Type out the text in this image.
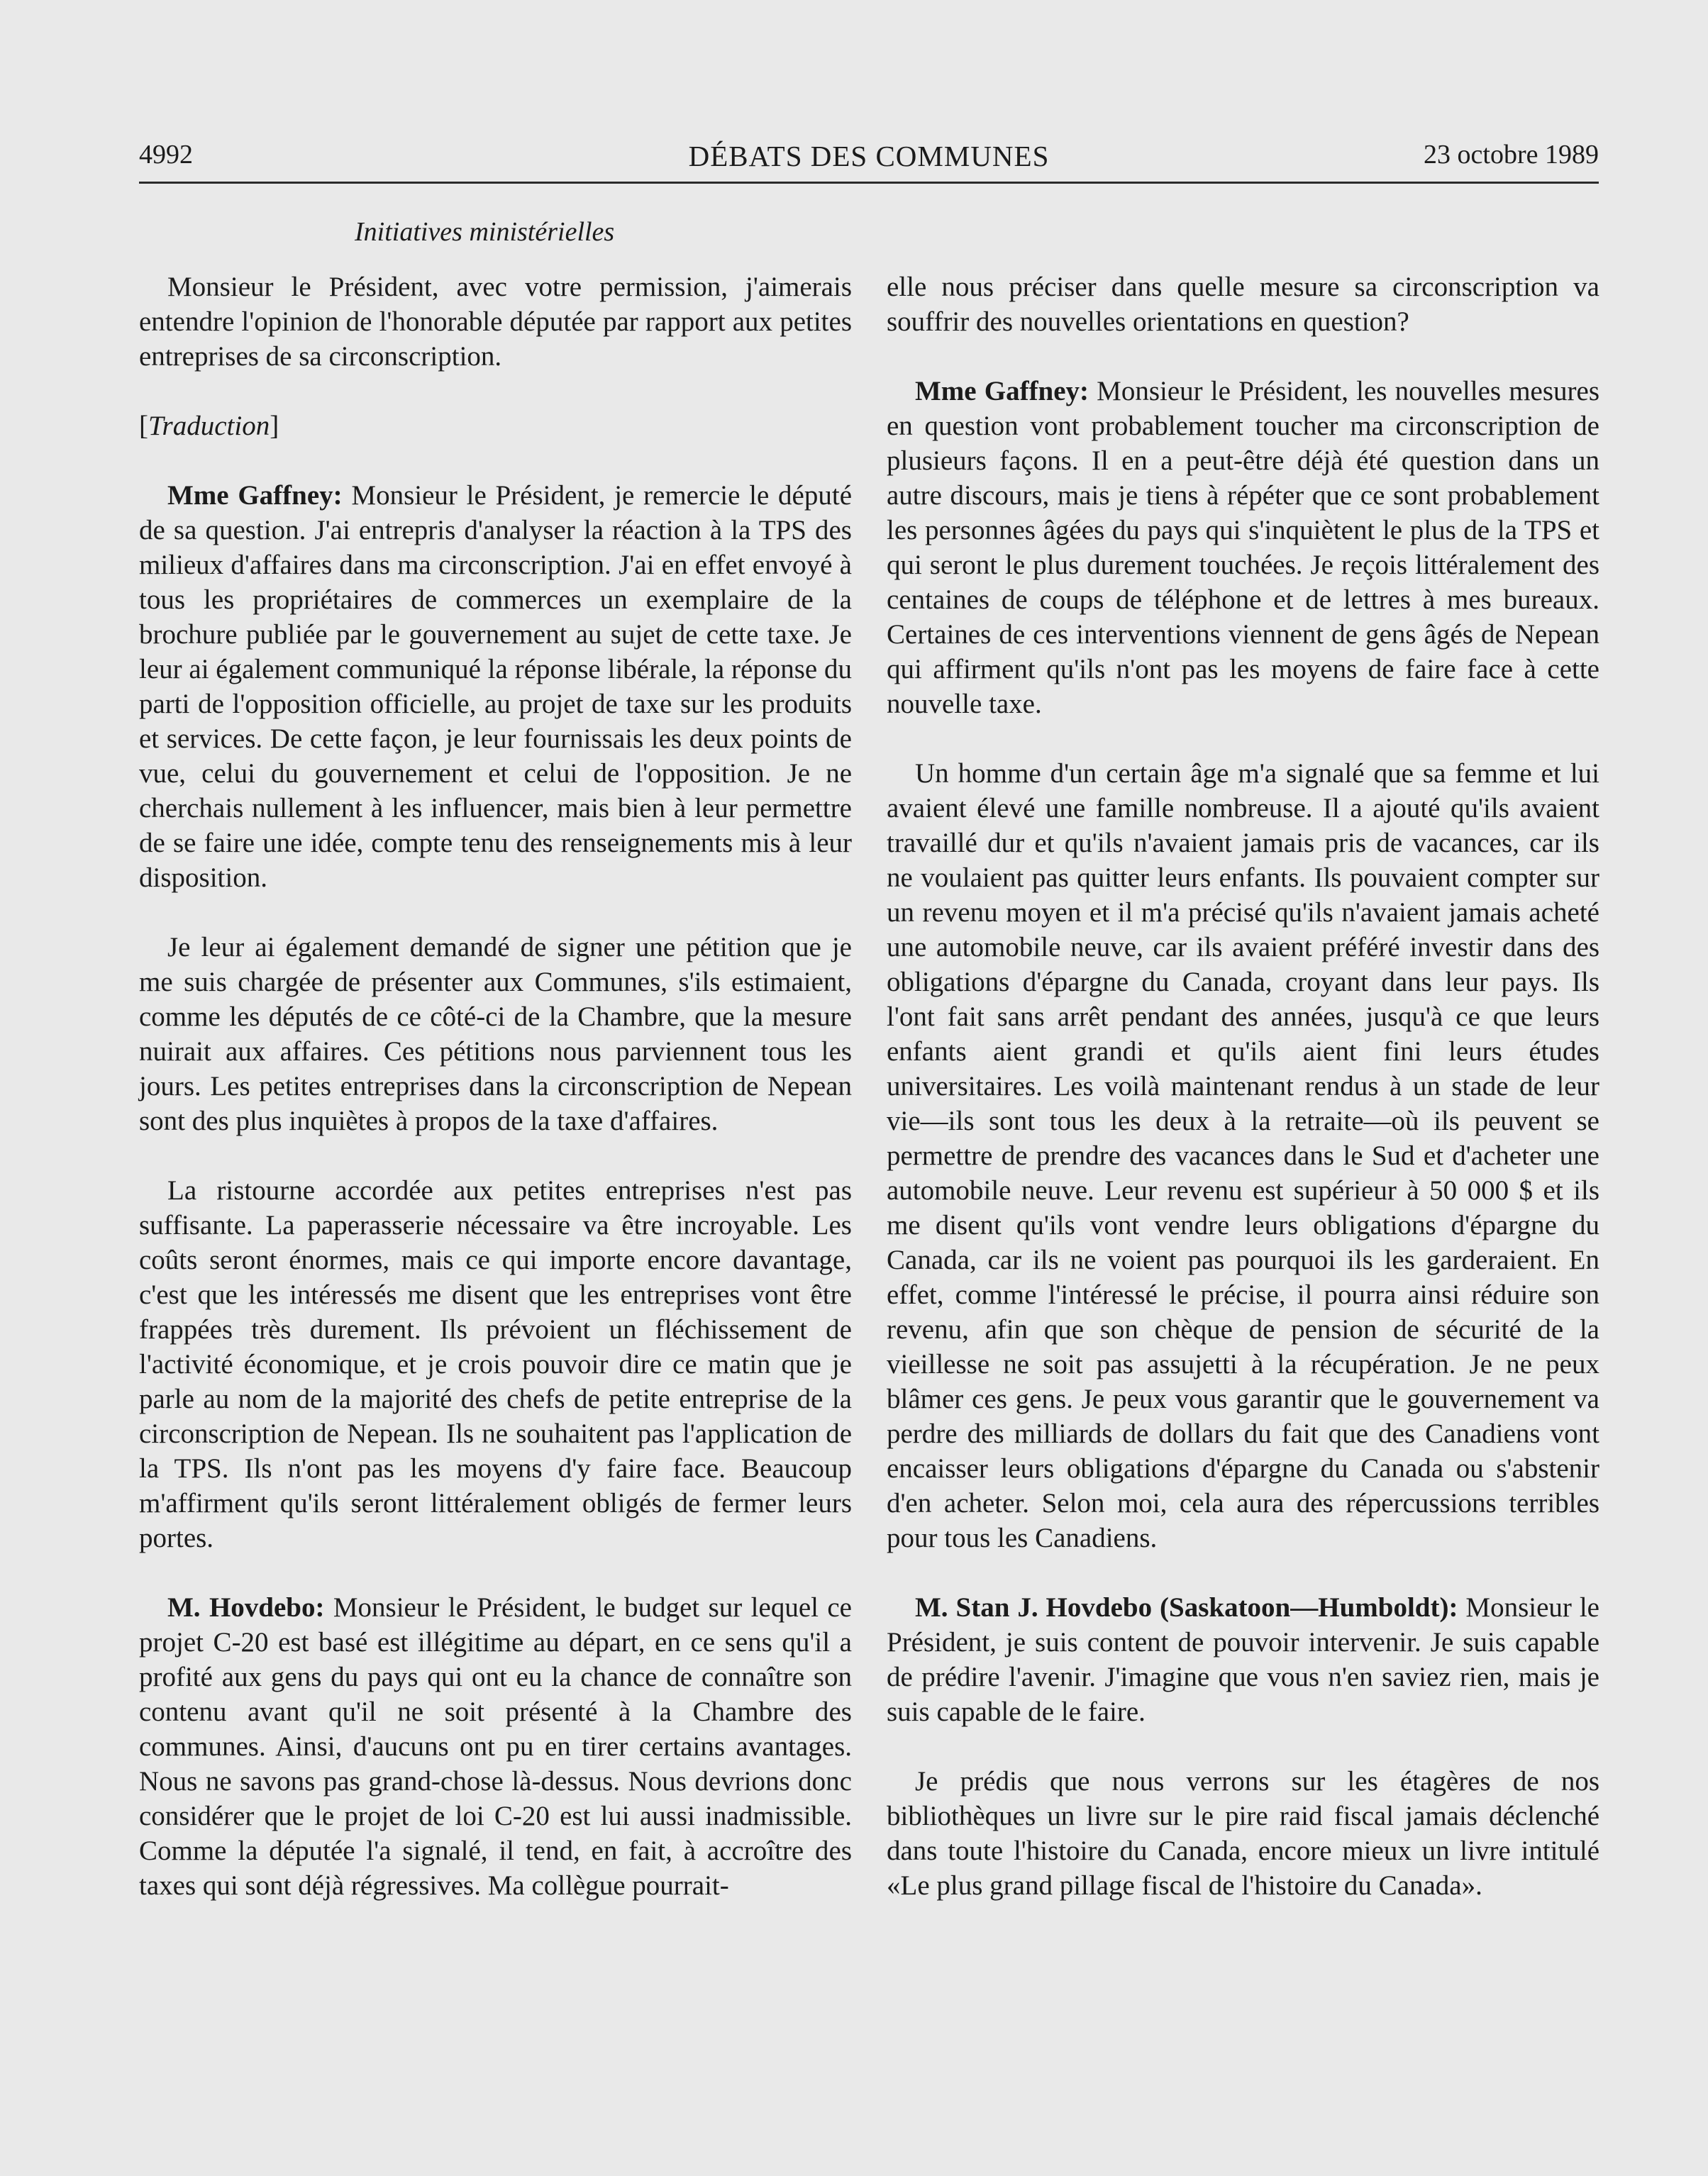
4992	DÉBATS DES COMMUNES	23 octobre 1989
Initiatives ministérielles

Monsieur le Président, avec votre permission, j'aimerais entendre l'opinion de l'honorable députée par rapport aux petites entreprises de sa circonscription.

[Traduction]

Mme Gaffney: Monsieur le Président, je remercie le député de sa question. J'ai entrepris d'analyser la réaction à la TPS des milieux d'affaires dans ma circonscription. J'ai en effet envoyé à tous les propriétaires de commerces un exemplaire de la brochure publiée par le gouvernement au sujet de cette taxe. Je leur ai également communiqué la réponse libérale, la réponse du parti de l'opposition officielle, au projet de taxe sur les produits et services. De cette façon, je leur fournissais les deux points de vue, celui du gouvernement et celui de l'opposition. Je ne cherchais nullement à les influencer, mais bien à leur permettre de se faire une idée, compte tenu des renseignements mis à leur disposition.

Je leur ai également demandé de signer une pétition que je me suis chargée de présenter aux Communes, s'ils estimaient, comme les députés de ce côté-ci de la Chambre, que la mesure nuirait aux affaires. Ces pétitions nous parviennent tous les jours. Les petites entreprises dans la circonscription de Nepean sont des plus inquiètes à propos de la taxe d'affaires.

La ristourne accordée aux petites entreprises n'est pas suffisante. La paperasserie nécessaire va être incroyable. Les coûts seront énormes, mais ce qui importe encore davantage, c'est que les intéressés me disent que les entreprises vont être frappées très durement. Ils prévoient un fléchissement de l'activité économique, et je crois pouvoir dire ce matin que je parle au nom de la majorité des chefs de petite entreprise de la circonscription de Nepean. Ils ne souhaitent pas l'application de la TPS. Ils n'ont pas les moyens d'y faire face. Beaucoup m'affirment qu'ils seront littéralement obligés de fermer leurs portes.

M. Hovdebo: Monsieur le Président, le budget sur lequel ce projet C-20 est basé est illégitime au départ, en ce sens qu'il a profité aux gens du pays qui ont eu la chance de connaître son contenu avant qu'il ne soit présenté à la Chambre des communes. Ainsi, d'aucuns ont pu en tirer certains avantages. Nous ne savons pas grand-chose là-dessus. Nous devrions donc considérer que le projet de loi C-20 est lui aussi inadmissible. Comme la députée l'a signalé, il tend, en fait, à accroître des taxes qui sont déjà régressives. Ma collègue pourrait-

elle nous préciser dans quelle mesure sa circonscription va souffrir des nouvelles orientations en question?

Mme Gaffney: Monsieur le Président, les nouvelles mesures en question vont probablement toucher ma circonscription de plusieurs façons. Il en a peut-être déjà été question dans un autre discours, mais je tiens à répéter que ce sont probablement les personnes âgées du pays qui s'inquiètent le plus de la TPS et qui seront le plus durement touchées. Je reçois littéralement des centaines de coups de téléphone et de lettres à mes bureaux. Certaines de ces interventions viennent de gens âgés de Nepean qui affirment qu'ils n'ont pas les moyens de faire face à cette nouvelle taxe.

Un homme d'un certain âge m'a signalé que sa femme et lui avaient élevé une famille nombreuse. Il a ajouté qu'ils avaient travaillé dur et qu'ils n'avaient jamais pris de vacances, car ils ne voulaient pas quitter leurs enfants. Ils pouvaient compter sur un revenu moyen et il m'a précisé qu'ils n'avaient jamais acheté une automobile neuve, car ils avaient préféré investir dans des obligations d'épargne du Canada, croyant dans leur pays. Ils l'ont fait sans arrêt pendant des années, jusqu'à ce que leurs enfants aient grandi et qu'ils aient fini leurs études universitaires. Les voilà maintenant rendus à un stade de leur vie—ils sont tous les deux à la retraite—où ils peuvent se permettre de prendre des vacances dans le Sud et d'acheter une automobile neuve. Leur revenu est supérieur à 50 000 $ et ils me disent qu'ils vont vendre leurs obligations d'épargne du Canada, car ils ne voient pas pourquoi ils les garderaient. En effet, comme l'intéressé le précise, il pourra ainsi réduire son revenu, afin que son chèque de pension de sécurité de la vieillesse ne soit pas assujetti à la récupération. Je ne peux blâmer ces gens. Je peux vous garantir que le gouvernement va perdre des milliards de dollars du fait que des Canadiens vont encaisser leurs obligations d'épargne du Canada ou s'abstenir d'en acheter. Selon moi, cela aura des répercussions terribles pour tous les Canadiens.

M. Stan J. Hovdebo (Saskatoon—Humboldt): Monsieur le Président, je suis content de pouvoir intervenir. Je suis capable de prédire l'avenir. J'imagine que vous n'en saviez rien, mais je suis capable de le faire.

Je prédis que nous verrons sur les étagères de nos bibliothèques un livre sur le pire raid fiscal jamais déclenché dans toute l'histoire du Canada, encore mieux un livre intitulé «Le plus grand pillage fiscal de l'histoire du Canada».
